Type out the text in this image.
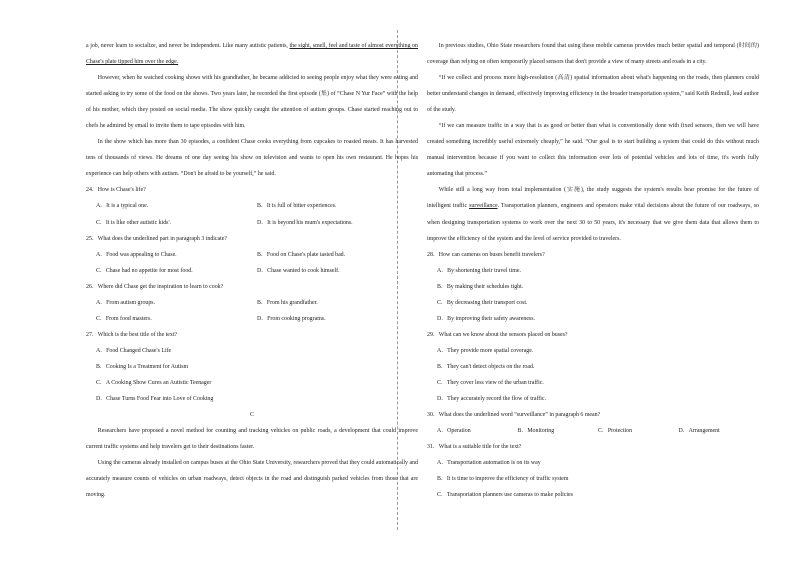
a job, never learn to socialize, and never be independent. Like many autistic patients, the sight, smell, feel and taste of almost everything on Chase's plate tipped him over the edge.

However, when he watched cooking shows with his grandfather, he became addicted to seeing people enjoy what they were eating and started asking to try some of the food on the shows. Two years later, he recorded the first episode (集) of “Chase N Yur Face” with the help of his mother, which they posted on social media. The show quickly caught the attention of autism groups. Chase started reaching out to chefs he admired by email to invite them to tape episodes with him.

In the show which has more than 30 episodes, a confident Chase cooks everything from cupcakes to roasted meats. It has harvested tens of thousands of views. He dreams of one day seeing his show on television and wants to open his own restaurant. He hopes his experience can help others with autism. “Don't be afraid to be yourself,” he said.

24．How is Chase's life?

A．It is a typical one.	B．It is full of bitter experiences.
C．It is like other autistic kids'.	D．It is beyond his mum's expectations.

25．What does the underlined part in paragraph 3 indicate?

A．Food was appealing to Chase.	B．Food on Chase's plate tasted bad.
C．Chase had no appetite for most food.	D．Chase wanted to cook himself.

26．Where did Chase get the inspiration to learn to cook?

A．From autism groups.	B．From his grandfather.
C．From food masters.	D．From cooking programs.

27．Which is the best title of the text?

A．Food Changed Chase's Life
B．Cooking Is a Treatment for Autism
C．A Cooking Show Cures an Autistic Teenager
D．Chase Turns Food Fear into Love of Cooking

C

Researchers have proposed a novel method for counting and tracking vehicles on public roads, a development that could improve current traffic systems and help travelers get to their destinations faster.

Using the cameras already installed on campus buses at the Ohio State University, researchers proved that they could automatically and accurately measure counts of vehicles on urban roadways, detect objects in the road and distinguish parked vehicles from those that are moving.

In previous studies, Ohio State researchers found that using these mobile cameras provides much better spatial and temporal (时间的) coverage than relying on often temporarily placed sensors that don't provide a view of many streets and roads in a city.

“If we collect and process more high-resolution (高清) spatial information about what's happening on the roads, then planners could better understand changes in demand, effectively improving efficiency in the broader transportation system,” said Keith Redmill, lead author of the study.

“If we can measure traffic in a way that is as good or better than what is conventionally done with fixed sensors, then we will have created something incredibly useful extremely cheaply,” he said. “Our goal is to start building a system that could do this without much manual intervention because if you want to collect this information over lots of potential vehicles and lots of time, it's worth fully automating that process.”

While still a long way from total implementation (实施), the study suggests the system's results bear promise for the future of intelligent traffic surveillance. Transportation planners, engineers and operators make vital decisions about the future of our roadways, so when designing transportation systems to work over the next 30 to 50 years, it's necessary that we give them data that allows them to improve the efficiency of the system and the level of service provided to travelers.

28．How can cameras on buses benefit travelers?

A．By shortening their travel time.
B．By making their schedules tight.
C．By decreasing their transport cost.
D．By improving their safety awareness.

29．What can we know about the sensors placed on buses?

A．They provide more spatial coverage.
B．They can't detect objects on the road.
C．They cover less view of the urban traffic.
D．They accurately record the flow of traffic.

30．What does the underlined word “surveillance” in paragraph 6 mean?

A．Operation	B．Monitoring	C．Protection	D．Arrangement

31．What is a suitable title for the text?

A．Transportation automation is on its way
B．It is time to improve the efficiency of traffic system
C．Transportation planners use cameras to make policies
